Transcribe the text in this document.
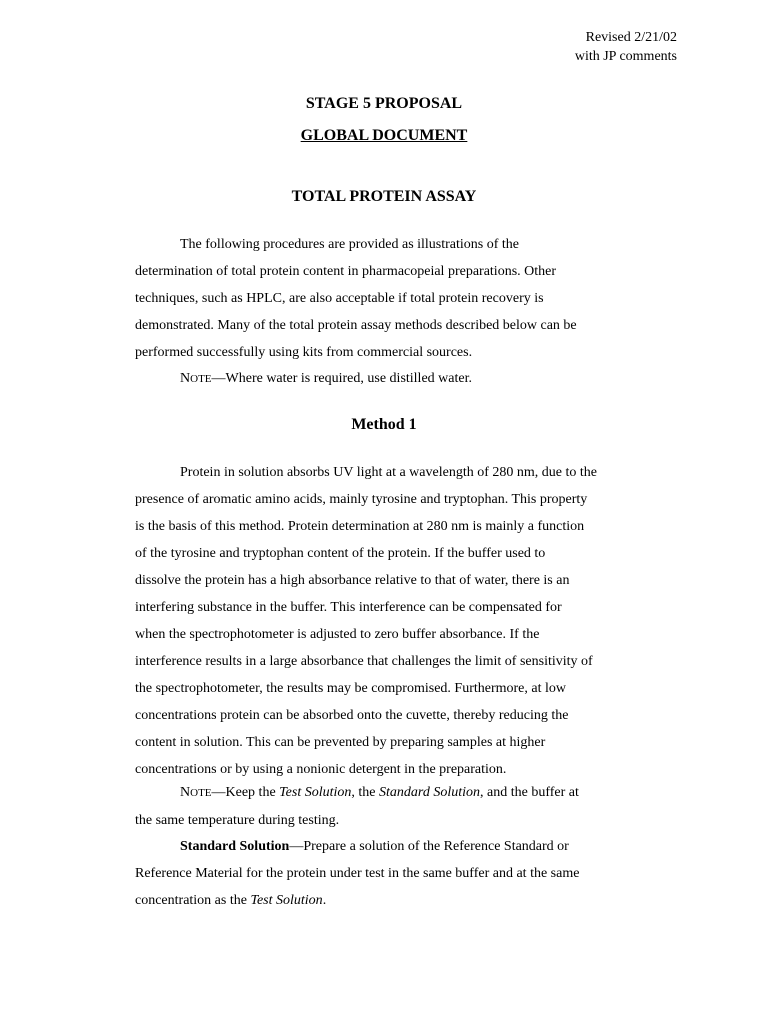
Revised 2/21/02
with JP comments
STAGE 5 PROPOSAL
GLOBAL DOCUMENT
TOTAL PROTEIN ASSAY

The following procedures are provided as illustrations of the
determination of total protein content in pharmacopeial preparations. Other
techniques, such as HPLC, are also acceptable if total protein recovery is
demonstrated. Many of the total protein assay methods described below can be
performed successfully using kits from commercial sources.

NOTE—Where water is required, use distilled water.

Method 1

Protein in solution absorbs UV light at a wavelength of 280 nm, due to the
presence of aromatic amino acids, mainly tyrosine and tryptophan. This property
is the basis of this method. Protein determination at 280 nm is mainly a function
of the tyrosine and tryptophan content of the protein. If the buffer used to
dissolve the protein has a high absorbance relative to that of water, there is an
interfering substance in the buffer. This interference can be compensated for
when the spectrophotometer is adjusted to zero buffer absorbance. If the
interference results in a large absorbance that challenges the limit of sensitivity of
the spectrophotometer, the results may be compromised. Furthermore, at low
concentrations protein can be absorbed onto the cuvette, thereby reducing the
content in solution. This can be prevented by preparing samples at higher
concentrations or by using a nonionic detergent in the preparation.

NOTE—Keep the Test Solution, the Standard Solution, and the buffer at
the same temperature during testing.

Standard Solution—Prepare a solution of the Reference Standard or
Reference Material for the protein under test in the same buffer and at the same
concentration as the Test Solution.
